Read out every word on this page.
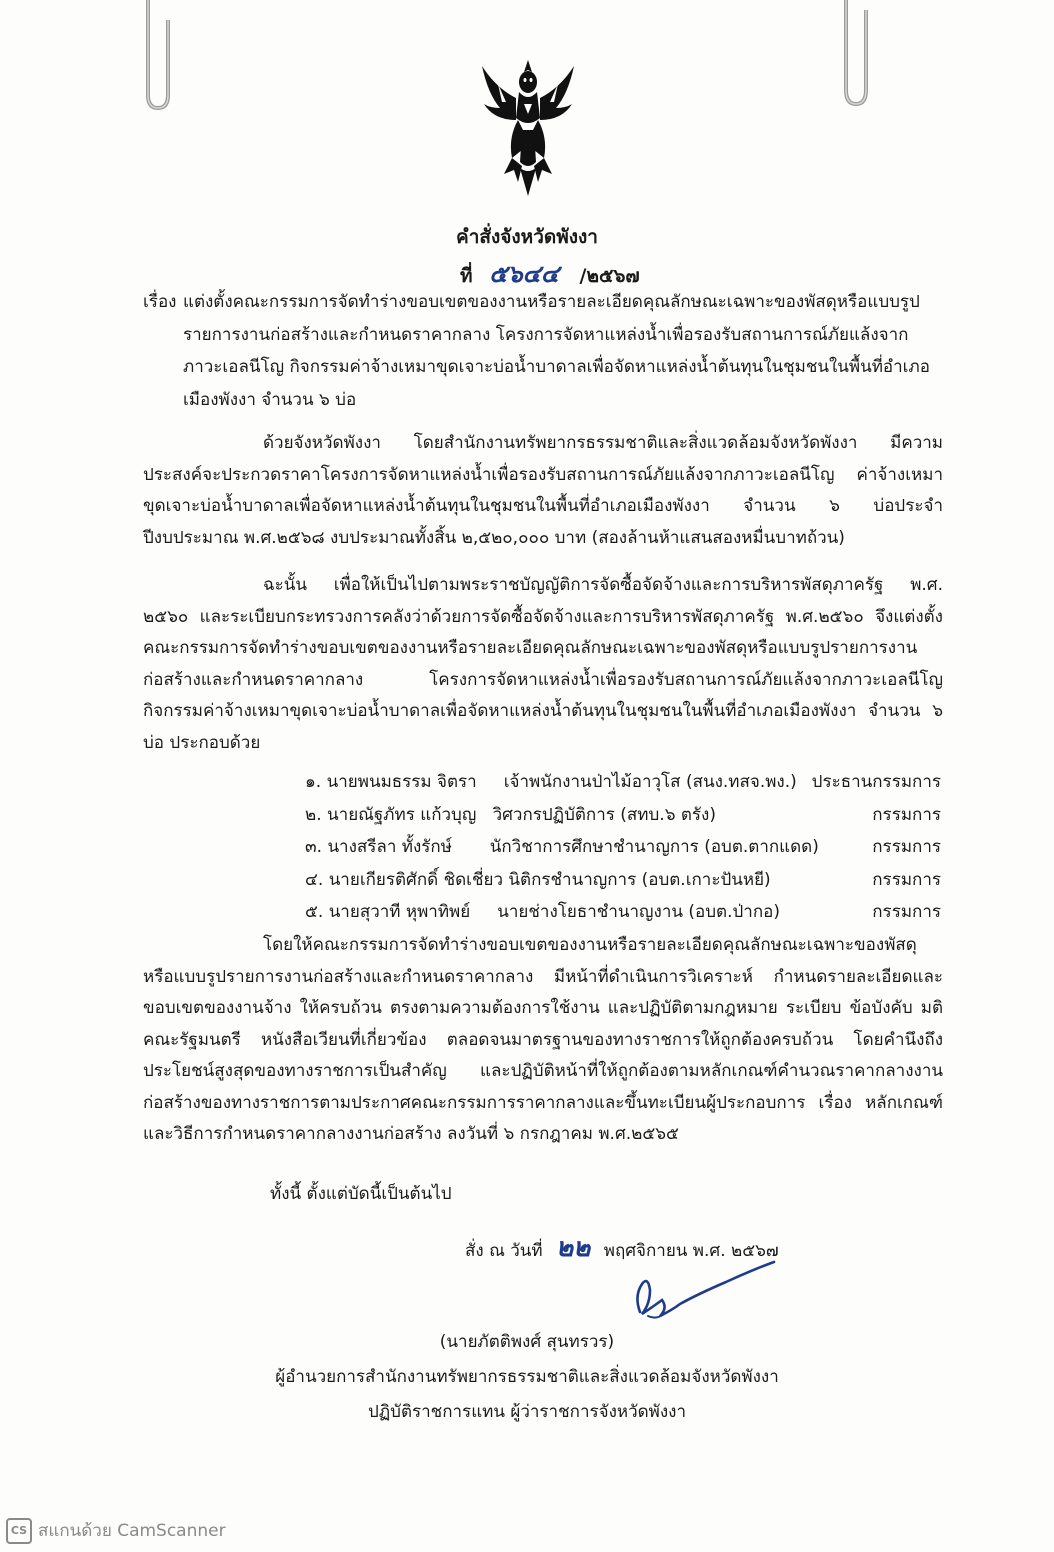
คำสั่งจังหวัดพังงา
ที่ ๕๖๔๔ /๒๕๖๗
เรื่อง แต่งตั้งคณะกรรมการจัดทำร่างขอบเขตของงานหรือรายละเอียดคุณลักษณะเฉพาะของพัสดุหรือแบบรูปรายการงานก่อสร้างและกำหนดราคากลาง โครงการจัดหาแหล่งน้ำเพื่อรองรับสถานการณ์ภัยแล้งจากภาวะเอลนีโญ กิจกรรมค่าจ้างเหมาขุดเจาะบ่อน้ำบาดาลเพื่อจัดหาแหล่งน้ำต้นทุนในชุมชนในพื้นที่อำเภอเมืองพังงา จำนวน ๖ บ่อ
ด้วยจังหวัดพังงา โดยสำนักงานทรัพยากรธรรมชาติและสิ่งแวดล้อมจังหวัดพังงา มีความประสงค์จะประกวดราคาโครงการจัดหาแหล่งน้ำเพื่อรองรับสถานการณ์ภัยแล้งจากภาวะเอลนีโญ ค่าจ้างเหมาขุดเจาะบ่อน้ำบาดาลเพื่อจัดหาแหล่งน้ำต้นทุนในชุมชนในพื้นที่อำเภอเมืองพังงา จำนวน ๖ บ่อประจำปีงบประมาณ พ.ศ.๒๕๖๘ งบประมาณทั้งสิ้น ๒,๕๒๐,๐๐๐ บาท (สองล้านห้าแสนสองหมื่นบาทถ้วน)
ฉะนั้น เพื่อให้เป็นไปตามพระราชบัญญัติการจัดซื้อจัดจ้างและการบริหารพัสดุภาครัฐ พ.ศ. ๒๕๖๐ และระเบียบกระทรวงการคลังว่าด้วยการจัดซื้อจัดจ้างและการบริหารพัสดุภาครัฐ พ.ศ.๒๕๖๐ จึงแต่งตั้งคณะกรรมการจัดทำร่างขอบเขตของงานหรือรายละเอียดคุณลักษณะเฉพาะของพัสดุหรือแบบรูปรายการงานก่อสร้างและกำหนดราคากลาง โครงการจัดหาแหล่งน้ำเพื่อรองรับสถานการณ์ภัยแล้งจากภาวะเอลนีโญ กิจกรรมค่าจ้างเหมาขุดเจาะบ่อน้ำบาดาลเพื่อจัดหาแหล่งน้ำต้นทุนในชุมชนในพื้นที่อำเภอเมืองพังงา จำนวน ๖ บ่อ ประกอบด้วย
๑. นายพนมธรรม จิตรา เจ้าพนักงานป่าไม้อาวุโส (สนง.ทสจ.พง.) ประธานกรรมการ
๒. นายณัฐภัทร แก้วบุญ วิศวกรปฏิบัติการ (สทบ.๖ ตรัง)	กรรมการ
๓. นางสรีลา ทั้งรักษ์ นักวิชาการศึกษาชำนาญการ (อบต.ตากแดด)	กรรมการ
๔. นายเกียรติศักดิ์ ชิดเชี่ยว นิติกรชำนาญการ (อบต.เกาะปันหยี)	กรรมการ
๕. นายสุวาที หุพาทิพย์ นายช่างโยธาชำนาญงาน (อบต.ป่ากอ)	กรรมการ
โดยให้คณะกรรมการจัดทำร่างขอบเขตของงานหรือรายละเอียดคุณลักษณะเฉพาะของพัสดุหรือแบบรูปรายการงานก่อสร้างและกำหนดราคากลาง มีหน้าที่ดำเนินการวิเคราะห์ กำหนดรายละเอียดและขอบเขตของงานจ้าง ให้ครบถ้วน ตรงตามความต้องการใช้งาน และปฏิบัติตามกฎหมาย ระเบียบ ข้อบังคับ มติคณะรัฐมนตรี หนังสือเวียนที่เกี่ยวข้อง ตลอดจนมาตรฐานของทางราชการให้ถูกต้องครบถ้วน โดยคำนึงถึงประโยชน์สูงสุดของทางราชการเป็นสำคัญ และปฏิบัติหน้าที่ให้ถูกต้องตามหลักเกณฑ์คำนวณราคากลางงานก่อสร้างของทางราชการตามประกาศคณะกรรมการราคากลางและขึ้นทะเบียนผู้ประกอบการ เรื่อง หลักเกณฑ์และวิธีการกำหนดราคากลางงานก่อสร้าง ลงวันที่ ๖ กรกฎาคม พ.ศ.๒๕๖๕
ทั้งนี้ ตั้งแต่บัดนี้เป็นต้นไป
สั่ง ณ วันที่ ๒๒ พฤศจิกายน พ.ศ. ๒๕๖๗
(นายภัตติพงศ์ สุนทรวร)
ผู้อำนวยการสำนักงานทรัพยากรธรรมชาติและสิ่งแวดล้อมจังหวัดพังงา
ปฏิบัติราชการแทน ผู้ว่าราชการจังหวัดพังงา
CS สแกนด้วย CamScanner
